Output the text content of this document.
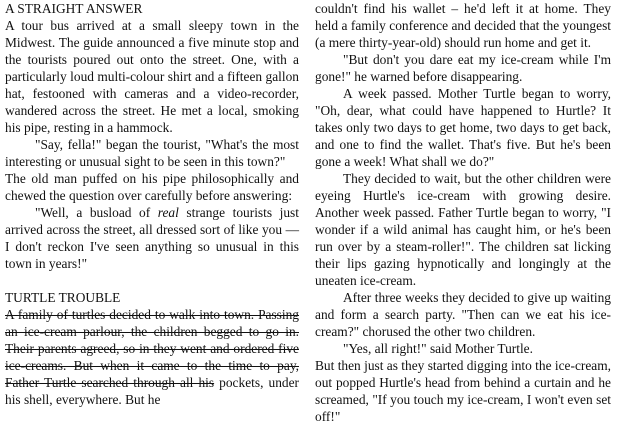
A STRAIGHT ANSWER

A tour bus arrived at a small sleepy town in the Midwest. The guide announced a five minute stop and the tourists poured out onto the street. One, with a particularly loud multi-colour shirt and a fifteen gallon hat, festooned with cameras and a video-recorder, wandered across the street. He met a local, smoking his pipe, resting in a hammock.

"Say, fella!" began the tourist, "What's the most interesting or unusual sight to be seen in this town?"

The old man puffed on his pipe philosophically and chewed the question over carefully before answering:

"Well, a busload of real strange tourists just arrived across the street, all dressed sort of like you — I don't reckon I've seen anything so unusual in this town in years!"

TURTLE TROUBLE

A family of turtles decided to walk into town. Passing an ice-cream parlour, the children begged to go in. Their parents agreed, so in they went and ordered five ice-creams. But when it came to the time to pay, Father Turtle searched through all his pockets, under his shell, everywhere. But he

couldn't find his wallet – he'd left it at home. They held a family conference and decided that the youngest (a mere thirty-year-old) should run home and get it.

"But don't you dare eat my ice-cream while I'm gone!" he warned before disappearing.

A week passed. Mother Turtle began to worry, "Oh, dear, what could have happened to Hurtle? It takes only two days to get home, two days to get back, and one to find the wallet. That's five. But he's been gone a week! What shall we do?"

They decided to wait, but the other children were eyeing Hurtle's ice-cream with growing desire. Another week passed. Father Turtle began to worry, "I wonder if a wild animal has caught him, or he's been run over by a steam-roller!". The children sat licking their lips gazing hypnotically and longingly at the uneaten ice-cream.

After three weeks they decided to give up waiting and form a search party. "Then can we eat his ice-cream?" chorused the other two children.

"Yes, all right!" said Mother Turtle.

But then just as they started digging into the ice-cream, out popped Hurtle's head from behind a curtain and he screamed, "If you touch my ice-cream, I won't even set off!"
